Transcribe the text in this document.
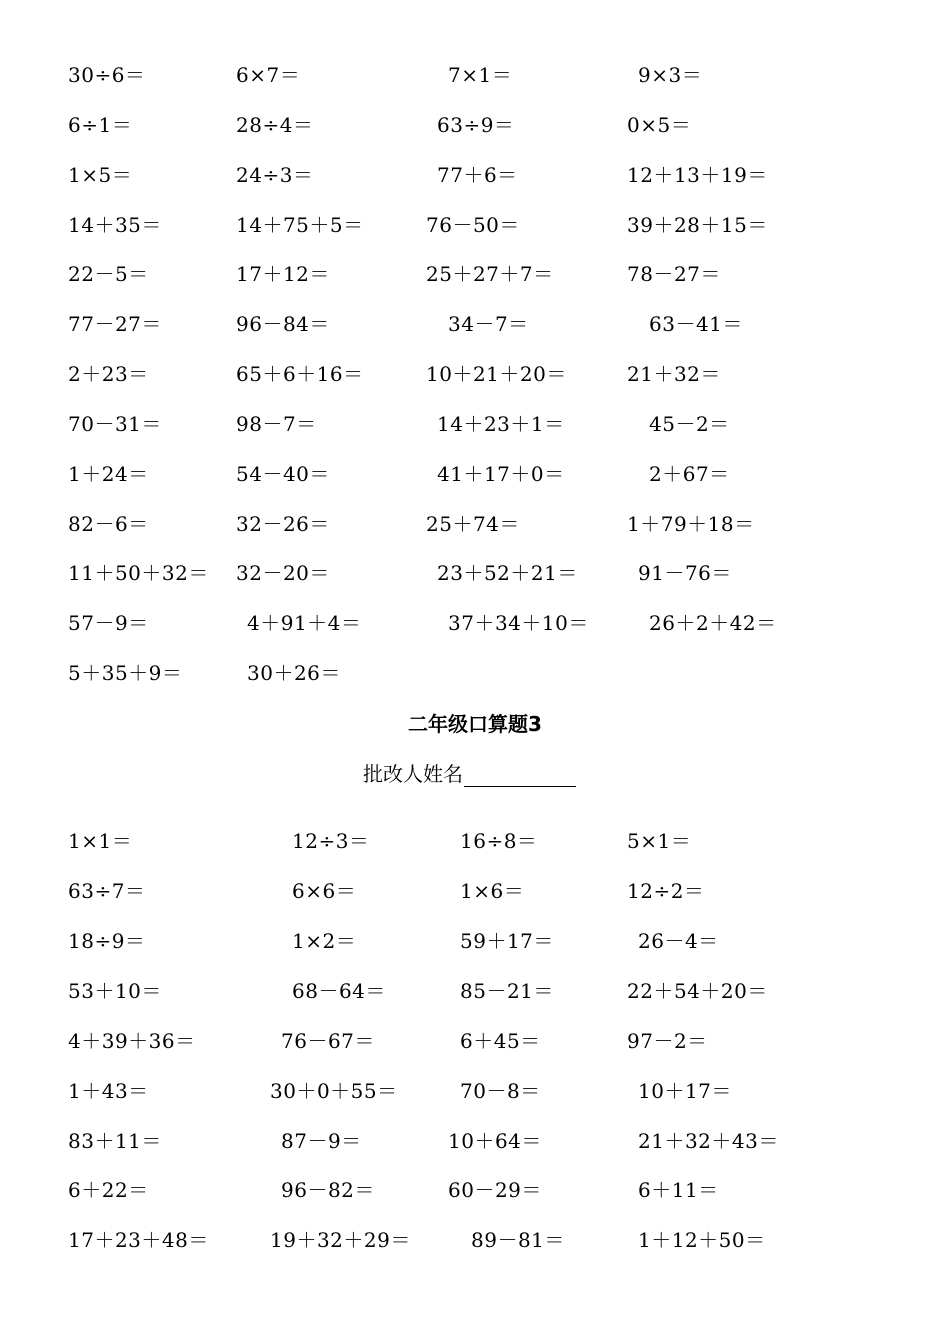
30÷6＝	6×7＝	7×1＝	9×3＝
6÷1＝	28÷4＝	63÷9＝	0×5＝
1×5＝	24÷3＝	77＋6＝	12＋13＋19＝
14＋35＝	14＋75＋5＝	76－50＝	39＋28＋15＝
22－5＝	17＋12＝	25＋27＋7＝	78－27＝
77－27＝	96－84＝	34－7＝	63－41＝
2＋23＝	65＋6＋16＝	10＋21＋20＝	21＋32＝
70－31＝	98－7＝	14＋23＋1＝	45－2＝
1＋24＝	54－40＝	41＋17＋0＝	2＋67＝
82－6＝	32－26＝	25＋74＝	1＋79＋18＝
11＋50＋32＝ 32－20＝	23＋52＋21＝	91－76＝
57－9＝	4＋91＋4＝	37＋34＋10＝	26＋2＋42＝
5＋35＋9＝	30＋26＝
二年级口算题3
批改人姓名
1×1＝	12÷3＝	16÷8＝	5×1＝
63÷7＝	6×6＝	1×6＝	12÷2＝
18÷9＝	1×2＝	59＋17＝	26－4＝
53＋10＝	68－64＝	85－21＝	22＋54＋20＝
4＋39＋36＝	76－67＝	6＋45＝	97－2＝
1＋43＝	30＋0＋55＝	70－8＝	10＋17＝
83＋11＝	87－9＝	10＋64＝	21＋32＋43＝
6＋22＝	96－82＝	60－29＝	6＋11＝
17＋23＋48＝	19＋32＋29＝	89－81＝	1＋12＋50＝
